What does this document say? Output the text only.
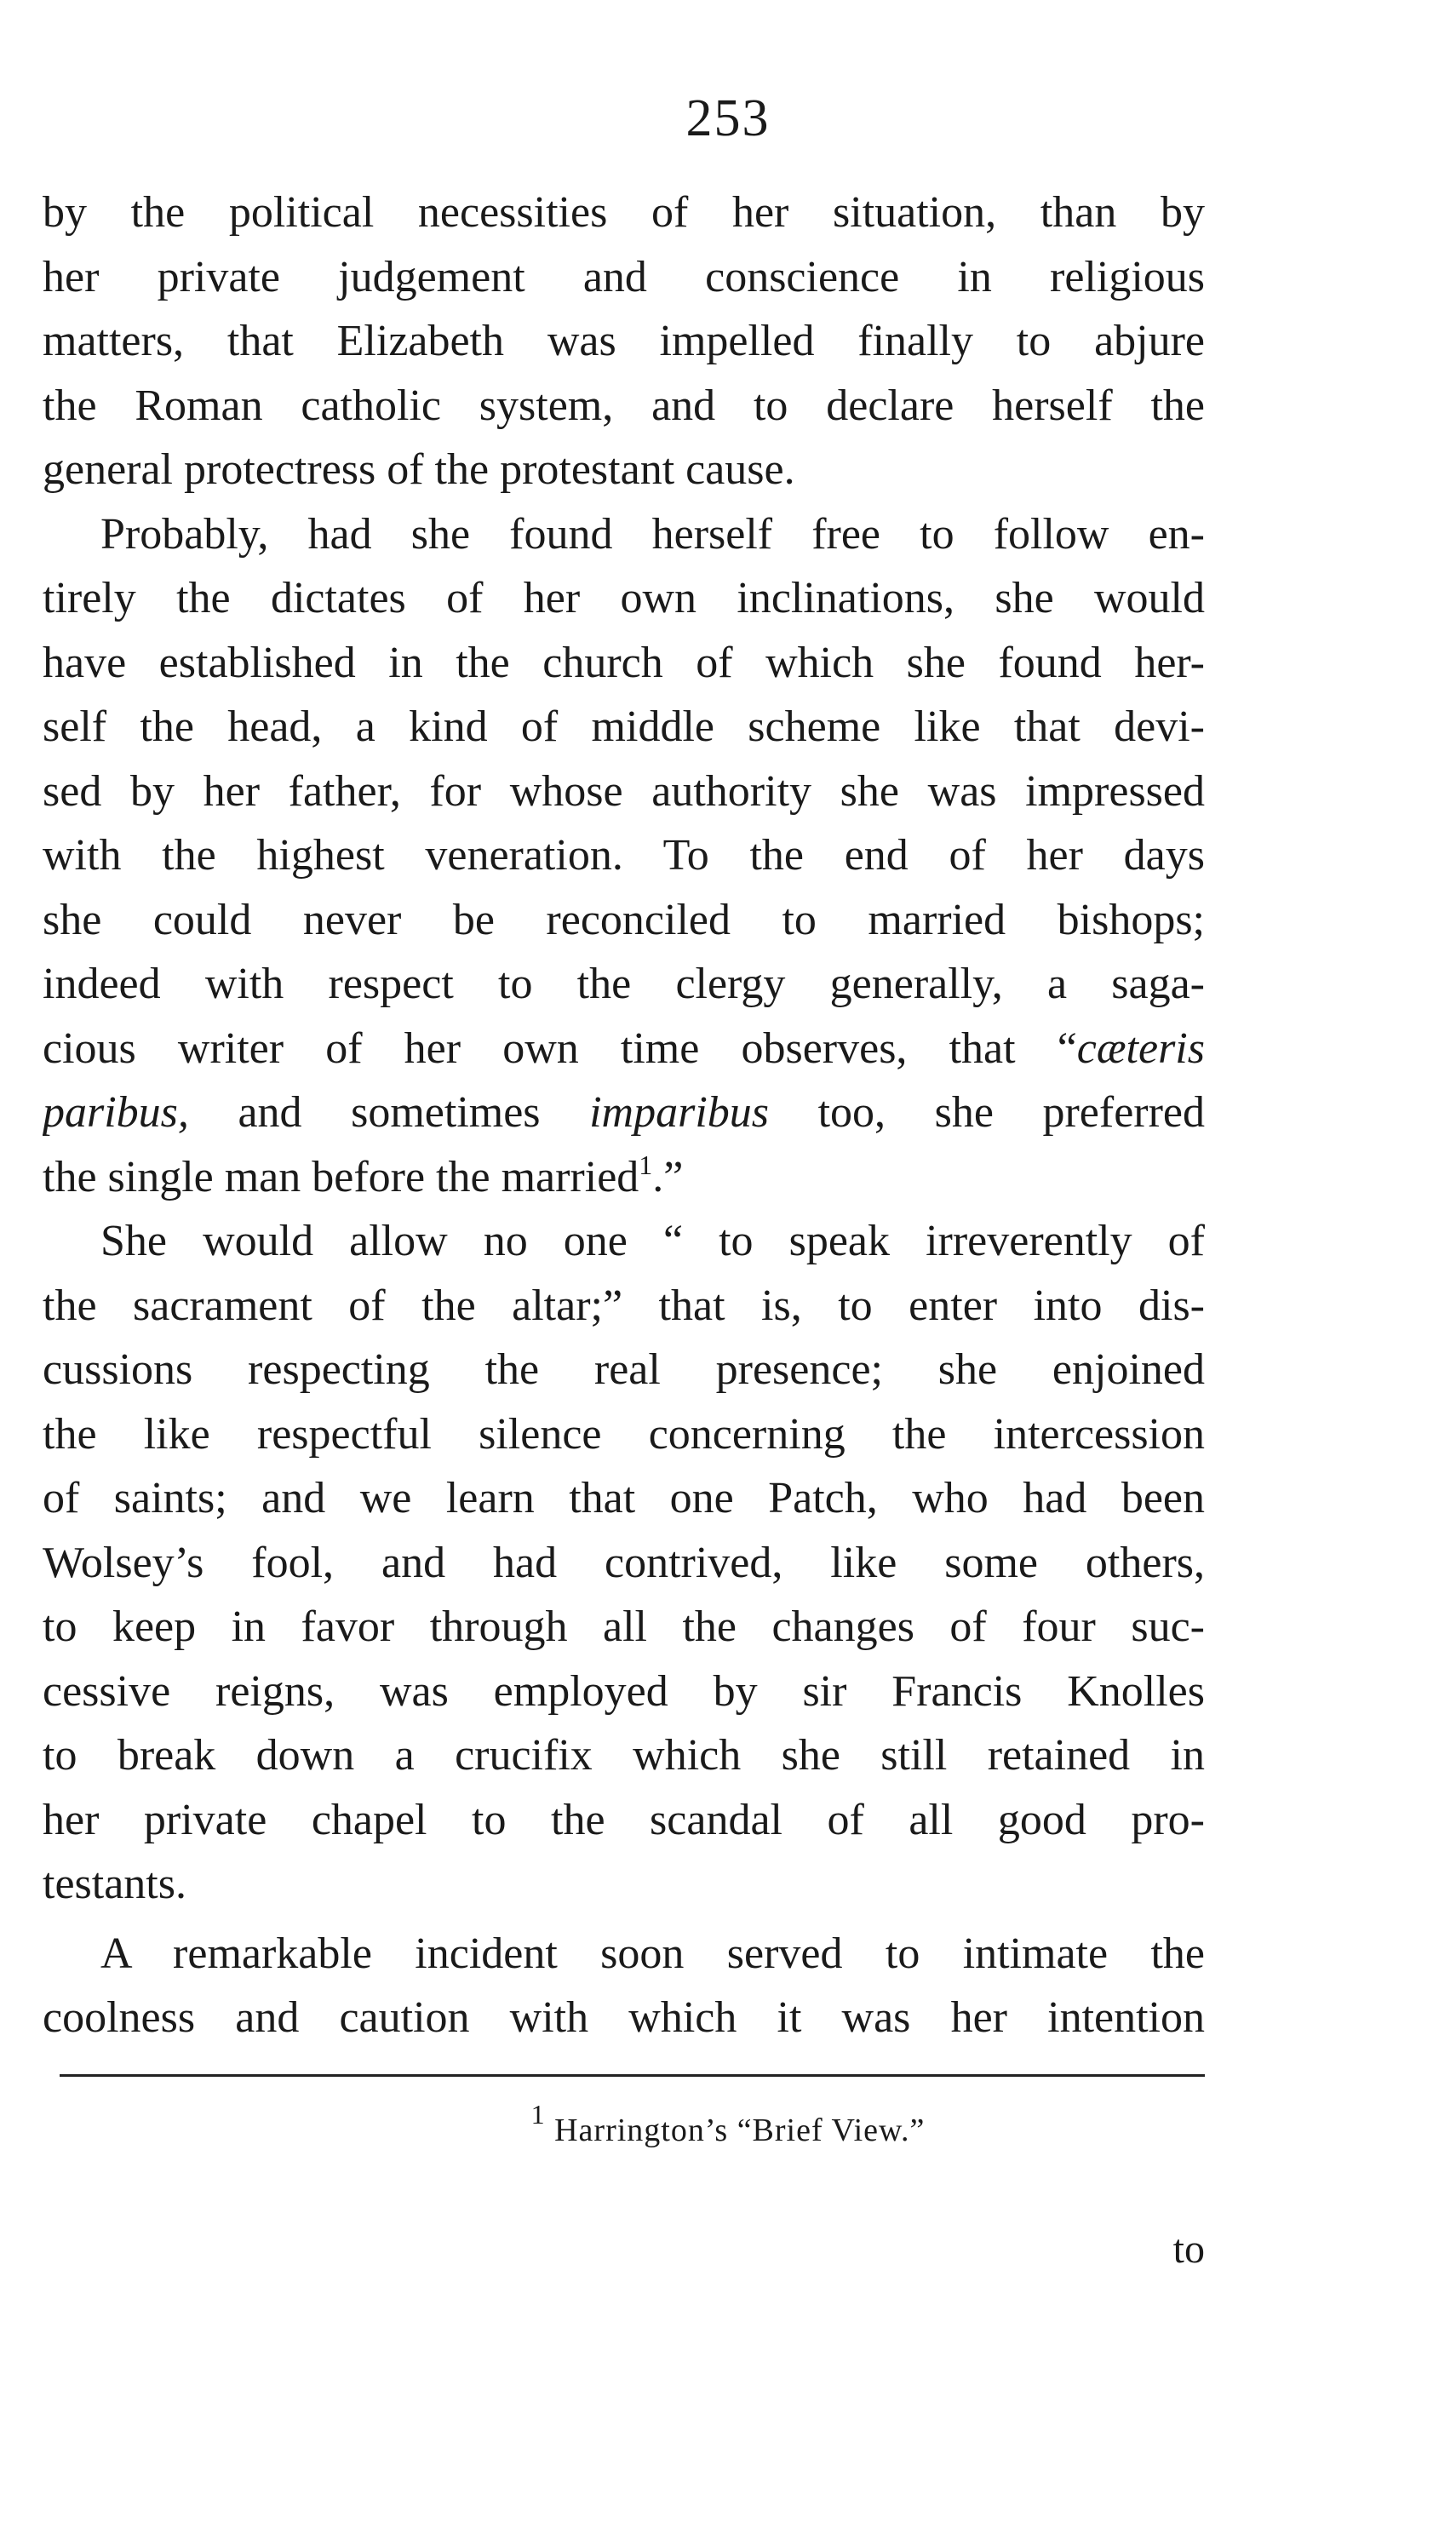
253
by the political necessities of her situation, than by
her private judgement and conscience in religious
matters, that Elizabeth was impelled finally to abjure
the Roman catholic system, and to declare herself the
general protectress of the protestant cause.
Probably, had she found herself free to follow en-
tirely the dictates of her own inclinations, she would
have established in the church of which she found her-
self the head, a kind of middle scheme like that devi-
sed by her father, for whose authority she was impressed
with the highest veneration. To the end of her days
she could never be reconciled to married bishops;
indeed with respect to the clergy generally, a saga-
cious writer of her own time observes, that “cæteris
paribus, and sometimes imparibus too, she preferred
the single man before the married$^1$.”
She would allow no one “ to speak irreverently of
the sacrament of the altar;” that is, to enter into dis-
cussions respecting the real presence; she enjoined
the like respectful silence concerning the intercession
of saints; and we learn that one Patch, who had been
Wolsey’s fool, and had contrived, like some others,
to keep in favor through all the changes of four suc-
cessive reigns, was employed by sir Francis Knolles
to break down a crucifix which she still retained in
her private chapel to the scandal of all good pro-
testants.
A remarkable incident soon served to intimate the
coolness and caution with which it was her intention
$^1$ Harrington’s “Brief View.”
to
